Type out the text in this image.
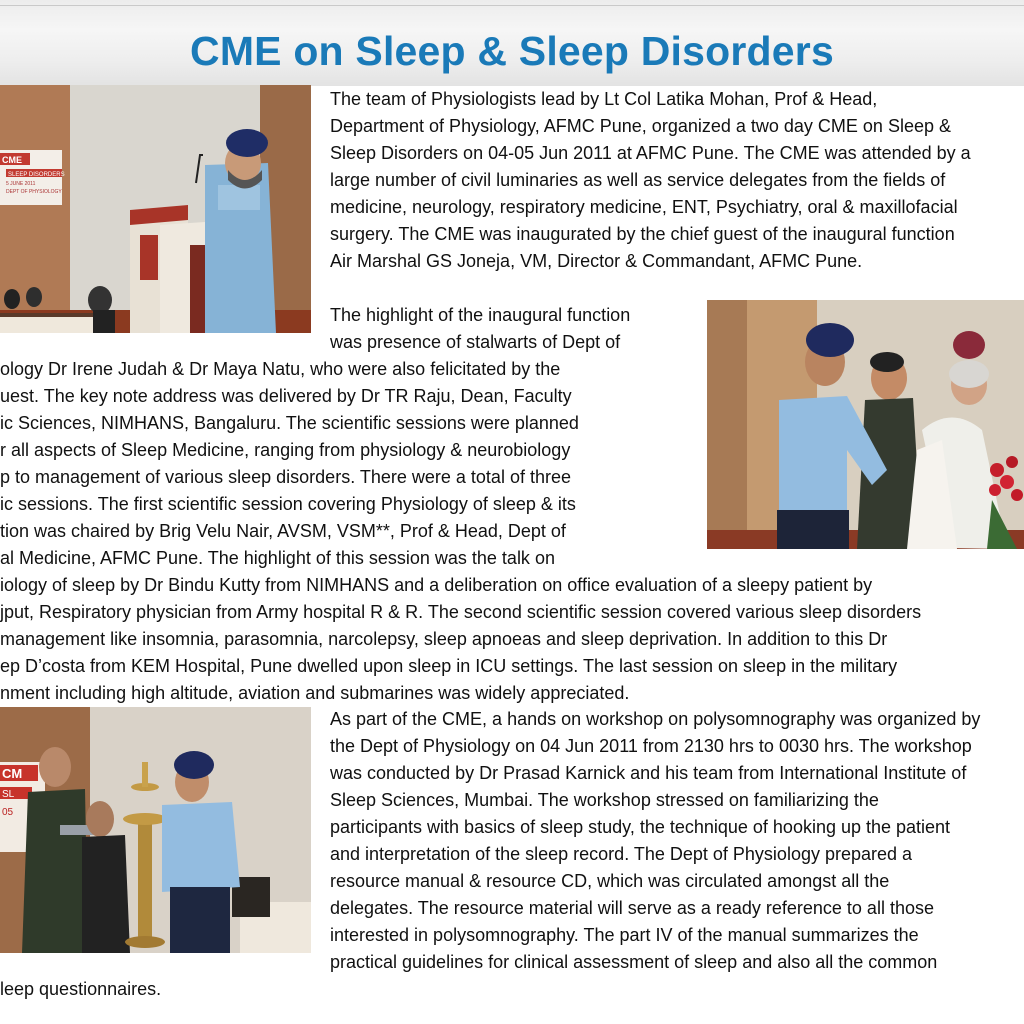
CME on Sleep & Sleep Disorders
CME
SLEEP DISORDERS
5 JUNE 2011
DEPT OF PHYSIOLOGY
CM
SL
05
The team of Physiologists lead by Lt Col Latika Mohan, Prof & Head,
Department of Physiology, AFMC Pune, organized a two day CME on Sleep &
Sleep Disorders on 04-05 Jun 2011 at AFMC Pune. The CME was attended by a
large number of civil luminaries as well as service delegates from the fields of
medicine, neurology, respiratory medicine, ENT, Psychiatry, oral & maxillofacial
surgery. The CME was inaugurated by the chief guest of the inaugural function
Air Marshal GS Joneja, VM, Director & Commandant, AFMC Pune.
The highlight of the inaugural function
was presence of stalwarts of Dept of
ology Dr Irene Judah & Dr Maya Natu, who were also felicitated by the
uest. The key note address was delivered by Dr TR Raju, Dean, Faculty
ic Sciences, NIMHANS, Bangaluru. The scientific sessions were planned
r all aspects of Sleep Medicine, ranging from physiology & neurobiology
p to management of various sleep disorders. There were a total of three
ic sessions. The first scientific session covering Physiology of sleep & its
tion was chaired by Brig Velu Nair, AVSM, VSM**, Prof & Head, Dept of
al Medicine, AFMC Pune. The highlight of this session was the talk on
iology of sleep by Dr Bindu Kutty from NIMHANS and a deliberation on office evaluation of a sleepy patient by
jput, Respiratory physician from Army hospital R & R. The second scientific session covered various sleep disorders
management like insomnia, parasomnia, narcolepsy, sleep apnoeas and sleep deprivation. In addition to this Dr
ep D’costa from KEM Hospital, Pune dwelled upon sleep in ICU settings. The last session on sleep in the military
nment including high altitude, aviation and submarines was widely appreciated.
As part of the CME, a hands on workshop on polysomnography was organized by
the Dept of Physiology on 04 Jun 2011 from 2130 hrs to 0030 hrs. The workshop
was conducted by Dr Prasad Karnick and his team from International Institute of
Sleep Sciences, Mumbai. The workshop stressed on familiarizing the
participants with basics of sleep study, the technique of hooking up the patient
and interpretation of the sleep record. The Dept of Physiology prepared a
resource manual & resource CD, which was circulated amongst all the
delegates. The resource material will serve as a ready reference to all those
interested in polysomnography. The part IV of the manual summarizes the
practical guidelines for clinical assessment of sleep and also all the common
leep questionnaires.
